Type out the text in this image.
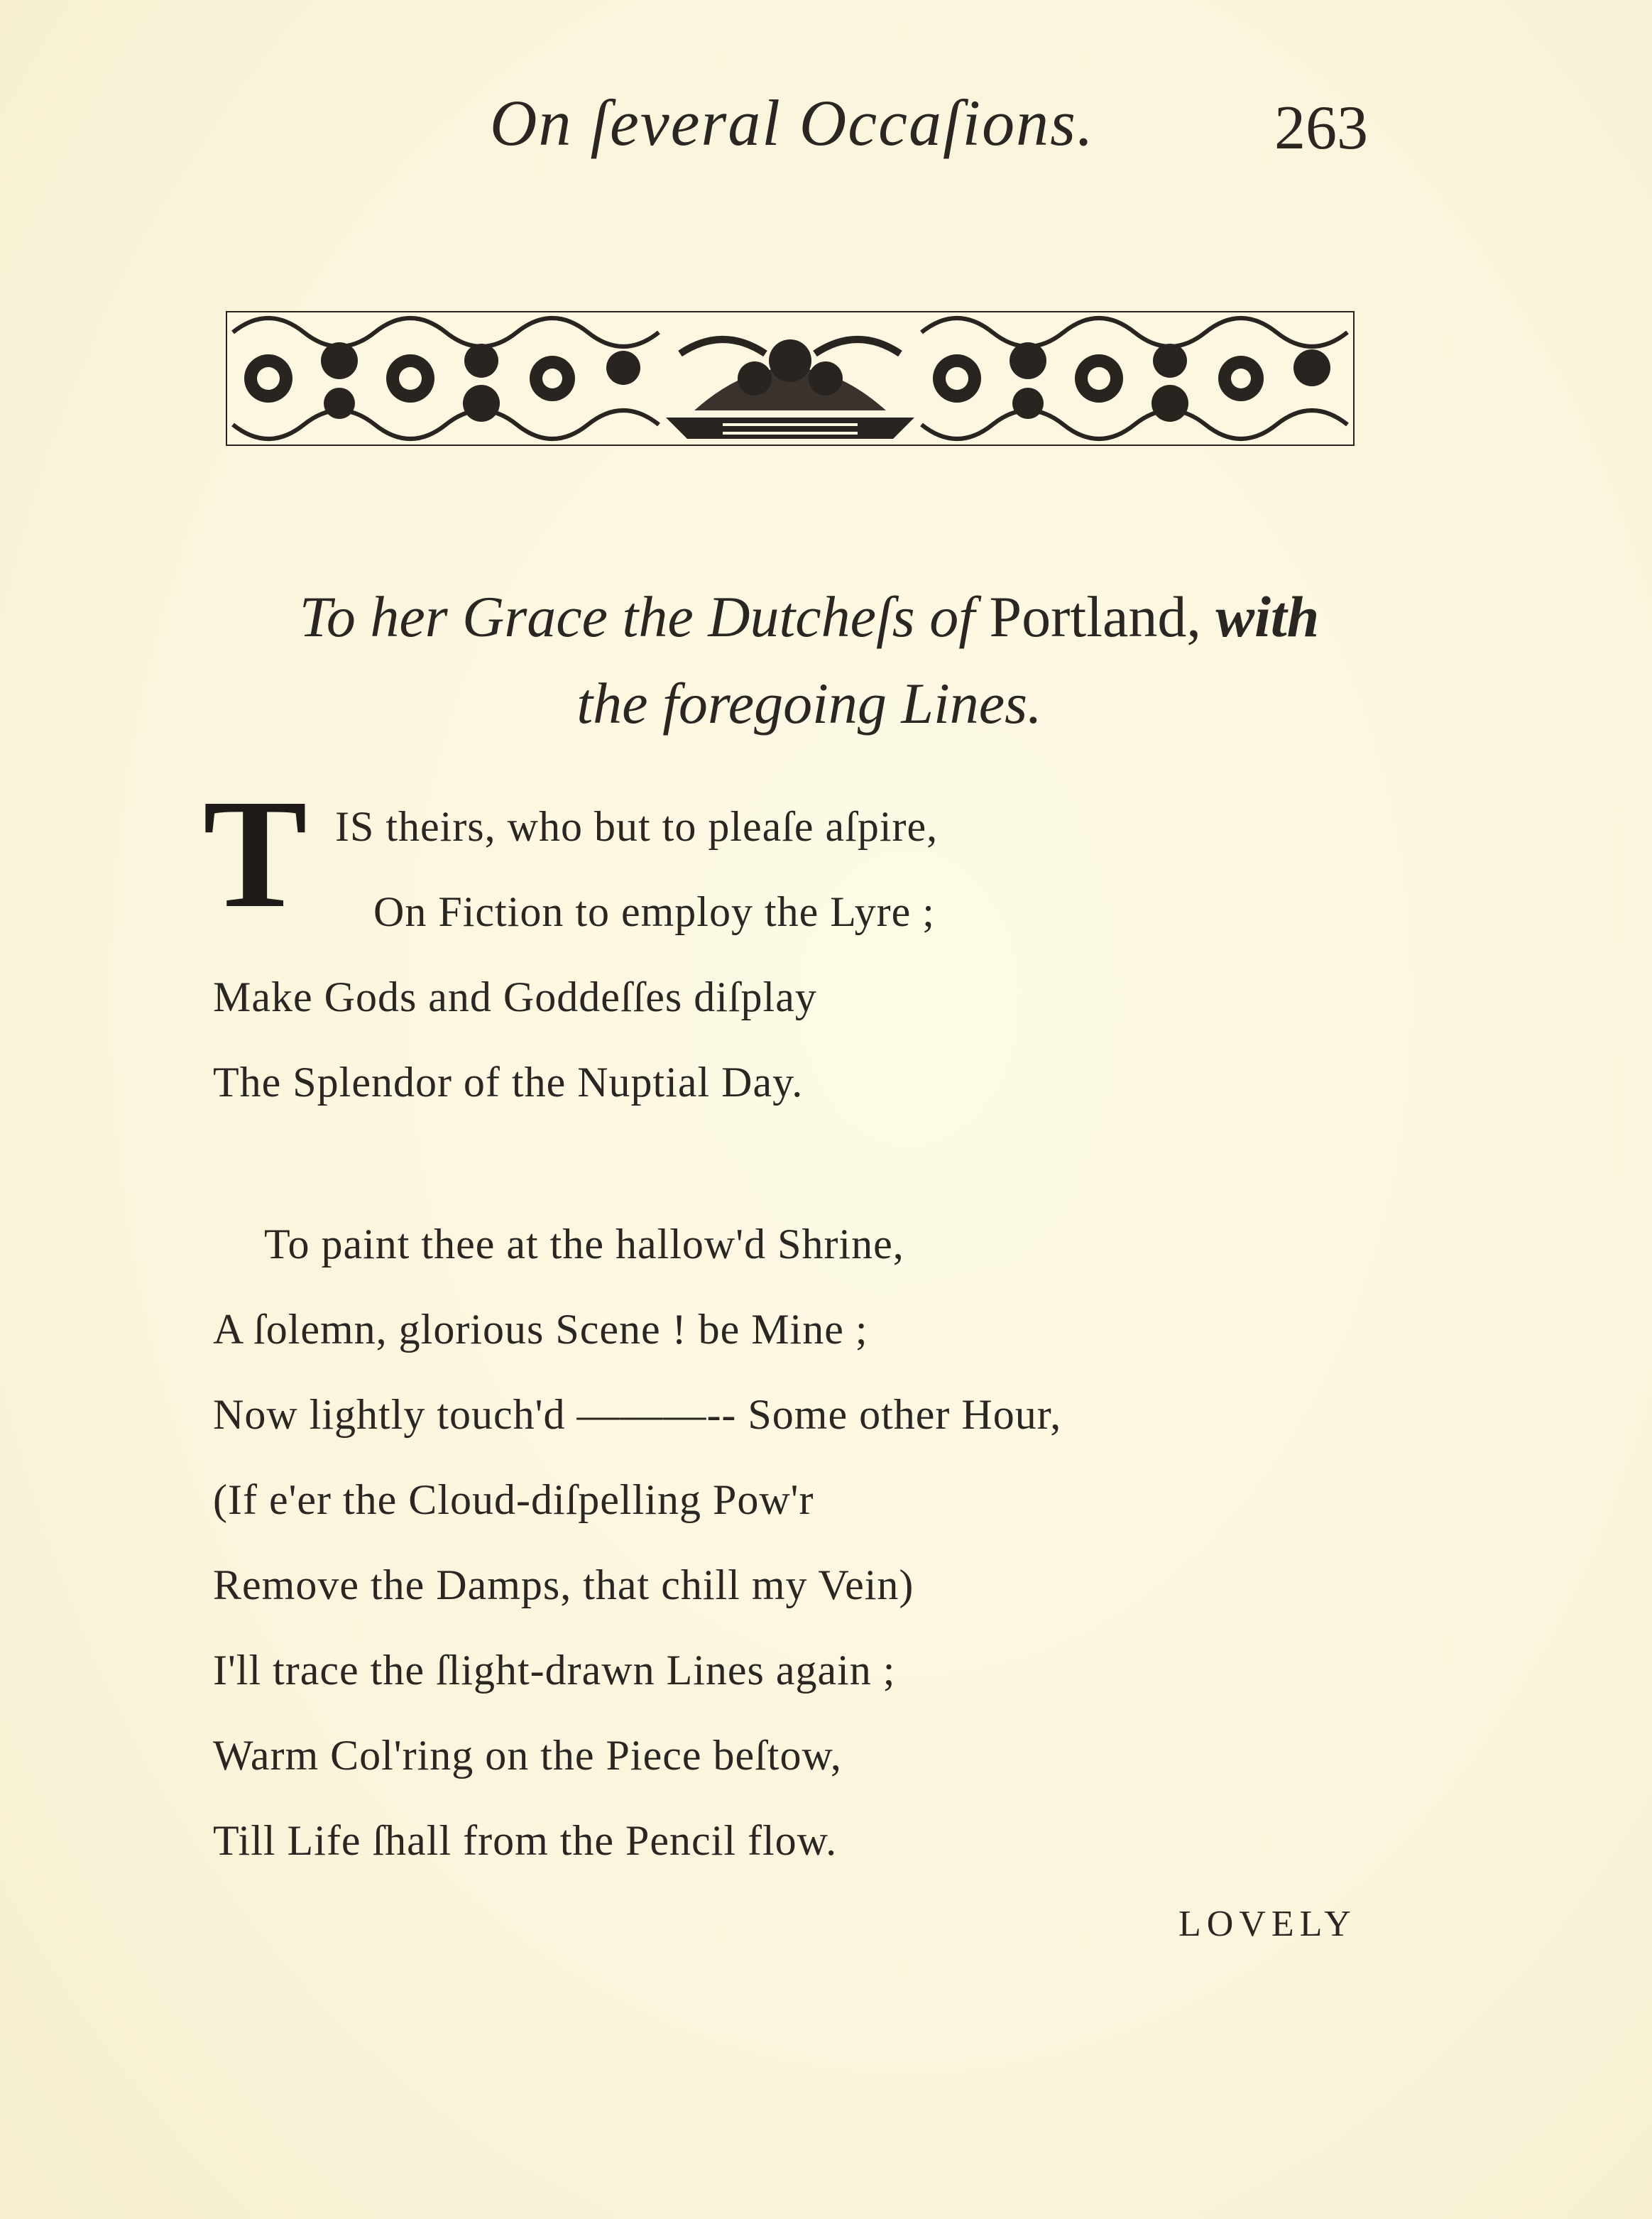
On ſeveral Occaſions.	263
To her Grace the Dutcheſs of Portland, with
the foregoing Lines.
T IS theirs, who but to pleaſe aſpire,
On Fiction to employ the Lyre ;
Make Gods and Goddeſſes diſplay
The Splendor of the Nuptial Day.
To paint thee at the hallow'd Shrine,
A ſolemn, glorious Scene ! be Mine ;
Now lightly touch'd ———-- Some other Hour,
(If e'er the Cloud-diſpelling Pow'r
Remove the Damps, that chill my Vein)
I'll trace the ſlight-drawn Lines again ;
Warm Col'ring on the Piece beſtow,
Till Life ſhall from the Pencil flow.
LOVELY
